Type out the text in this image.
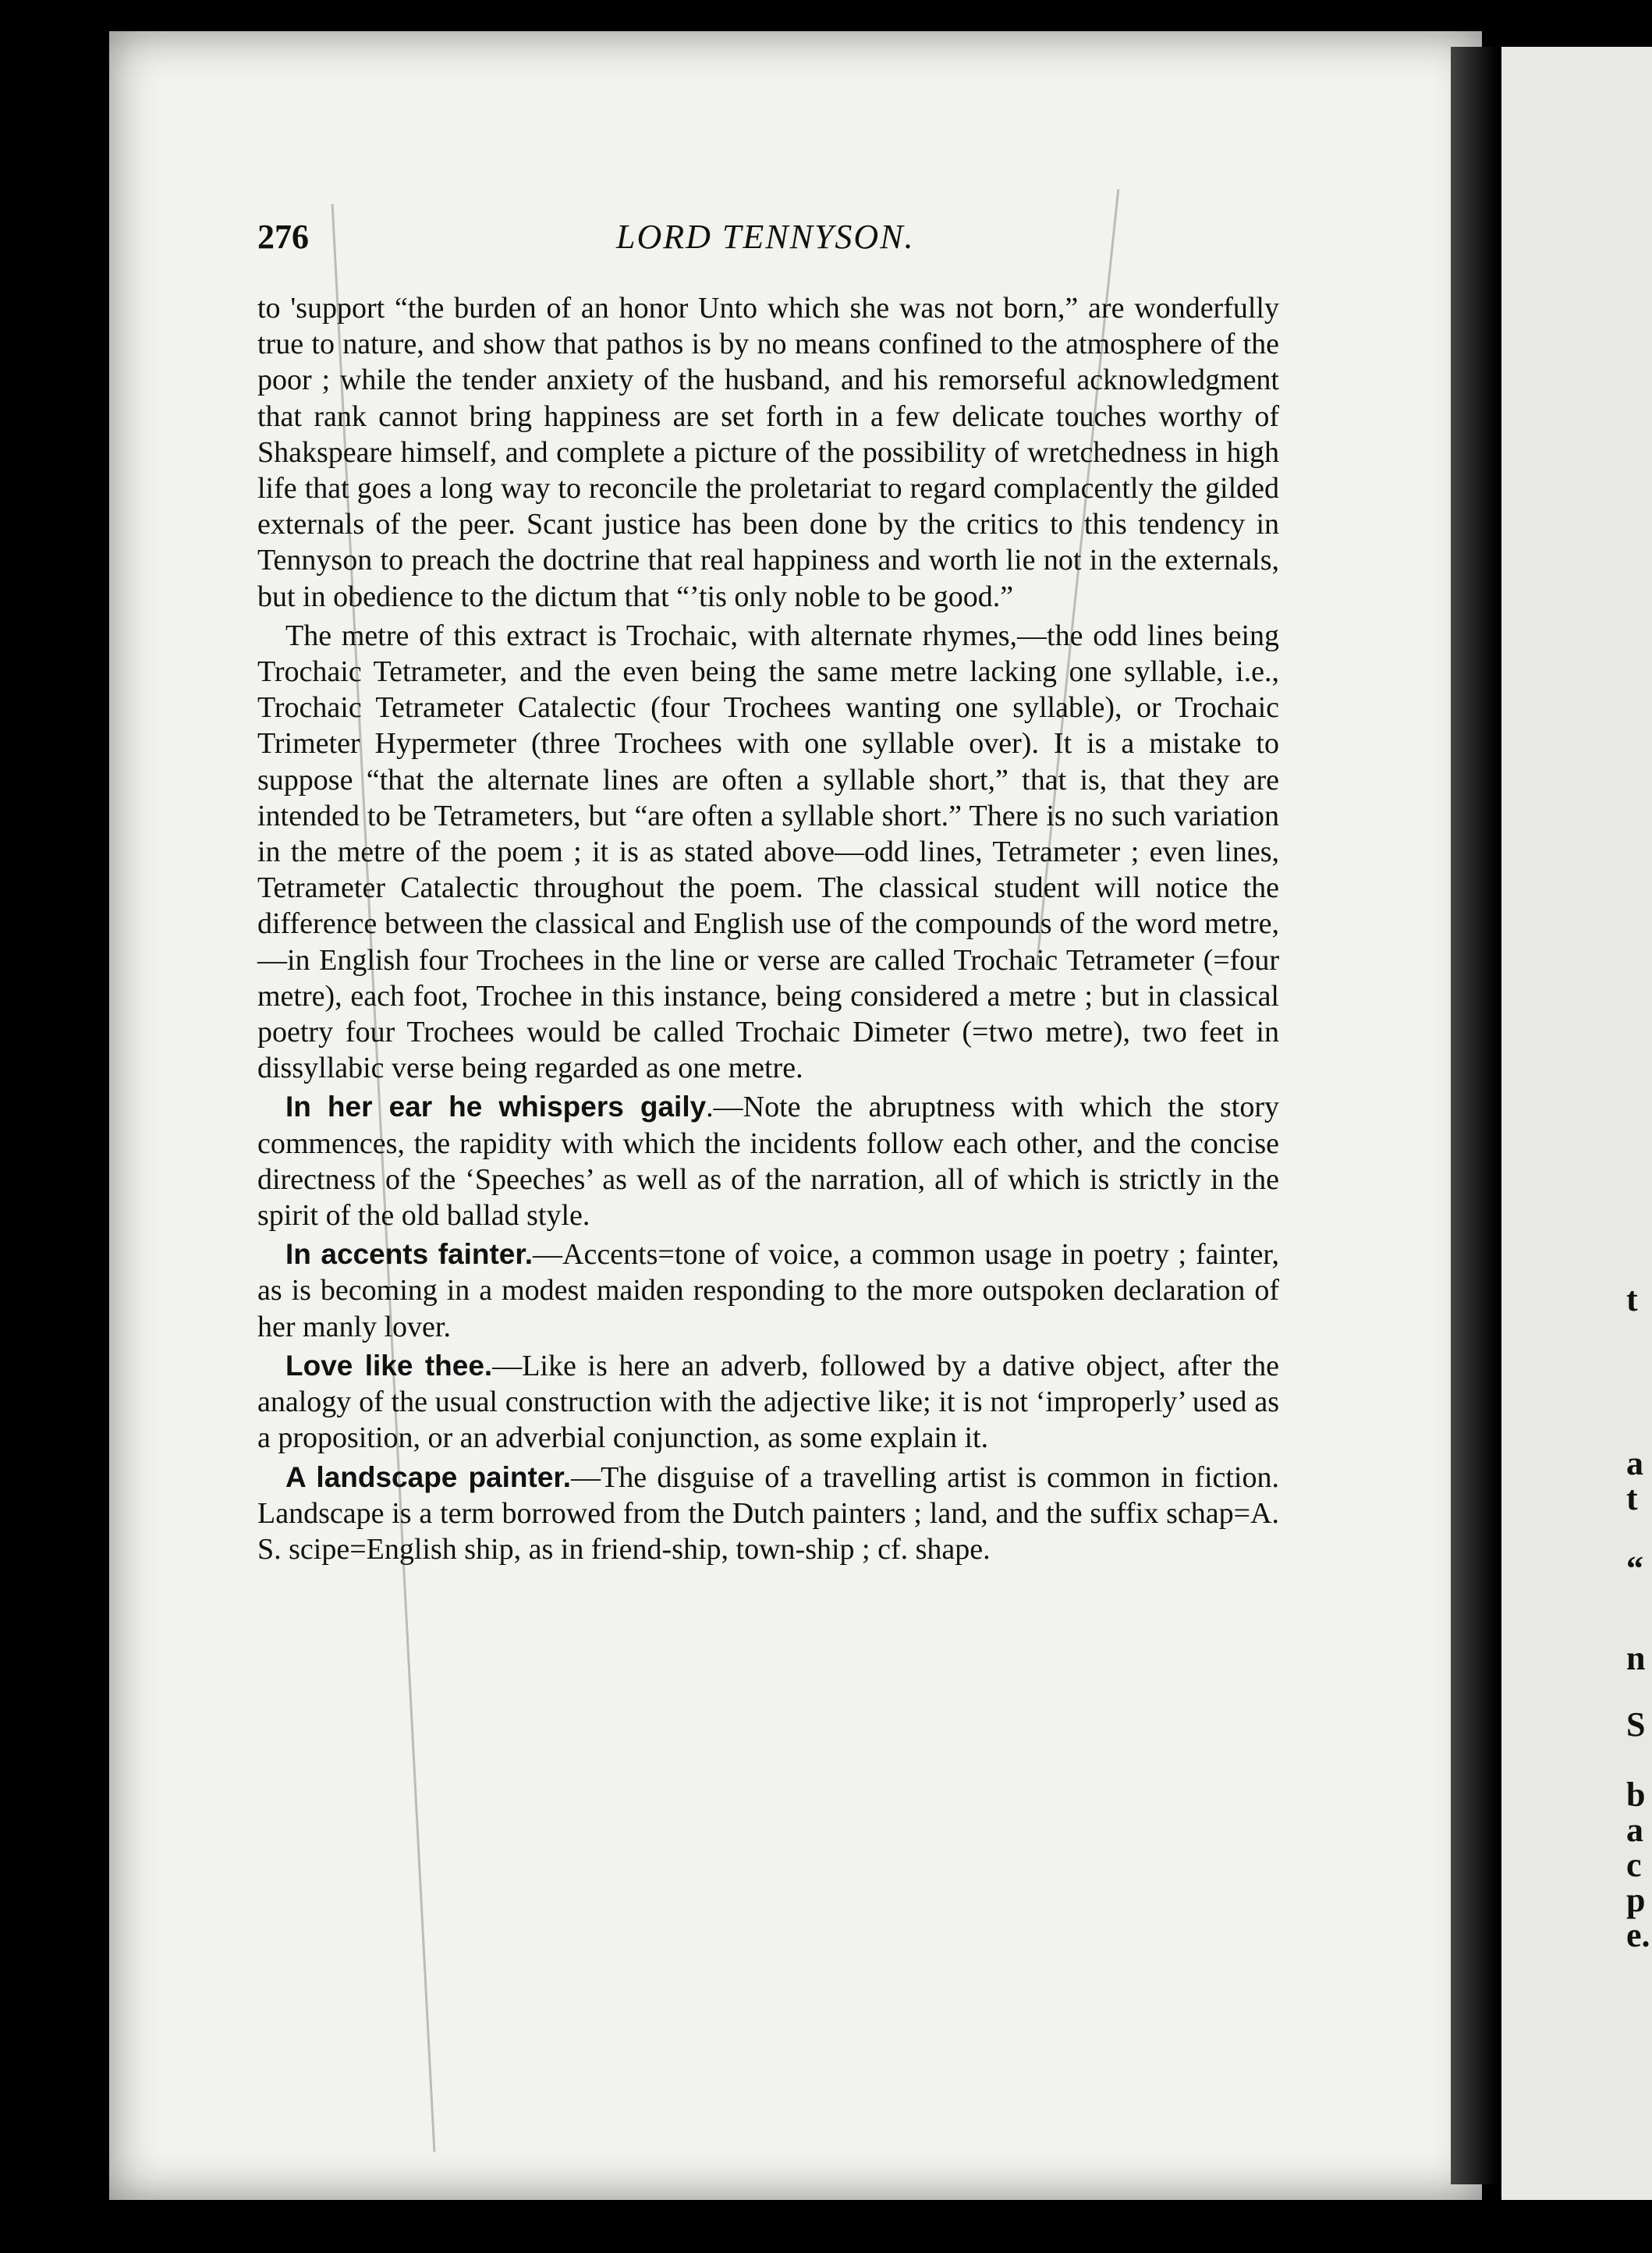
276	LORD TENNYSON.

to 'support “the burden of an honor Unto which she was not born,” are wonderfully true to nature, and show that pathos is by no means confined to the atmosphere of the poor ; while the tender anxiety of the husband, and his remorseful acknowledgment that rank cannot bring happiness are set forth in a few delicate touches worthy of Shakspeare himself, and complete a picture of the possibility of wretchedness in high life that goes a long way to reconcile the proletariat to regard complacently the gilded externals of the peer. Scant justice has been done by the critics to this tendency in Tennyson to preach the doctrine that real happiness and worth lie not in the externals, but in obedience to the dictum that “’tis only noble to be good.”

The metre of this extract is Trochaic, with alternate rhymes,—the odd lines being Trochaic Tetrameter, and the even being the same metre lacking one syllable, i.e., Trochaic Tetrameter Catalectic (four Trochees wanting one syllable), or Trochaic Trimeter Hypermeter (three Trochees with one syllable over). It is a mistake to suppose “that the alternate lines are often a syllable short,” that is, that they are intended to be Tetrameters, but “are often a syllable short.” There is no such variation in the metre of the poem ; it is as stated above—odd lines, Tetrameter ; even lines, Tetrameter Catalectic throughout the poem. The classical student will notice the difference between the classical and English use of the compounds of the word metre,—in English four Trochees in the line or verse are called Trochaic Tetrameter (=four metre), each foot, Trochee in this instance, being considered a metre ; but in classical poetry four Trochees would be called Trochaic Dimeter (=two metre), two feet in dissyllabic verse being regarded as one metre.

In her ear he whispers gaily.—Note the abruptness with which the story commences, the rapidity with which the incidents follow each other, and the concise directness of the ‘Speeches’ as well as of the narration, all of which is strictly in the spirit of the old ballad style.

In accents fainter.—Accents=tone of voice, a common usage in poetry ; fainter, as is becoming in a modest maiden responding to the more outspoken declaration of her manly lover.

Love like thee.—Like is here an adverb, followed by a dative object, after the analogy of the usual construction with the adjective like; it is not ‘improperly’ used as a proposition, or an adverbial conjunction, as some explain it.

A landscape painter.—The disguise of a travelling artist is common in fiction. Landscape is a term borrowed from the Dutch painters ; land, and the suffix schap=A. S. scipe=English ship, as in friend-ship, town-ship ; cf. shape.

t
a
t
“
n
S
b
a
c
p
e.
